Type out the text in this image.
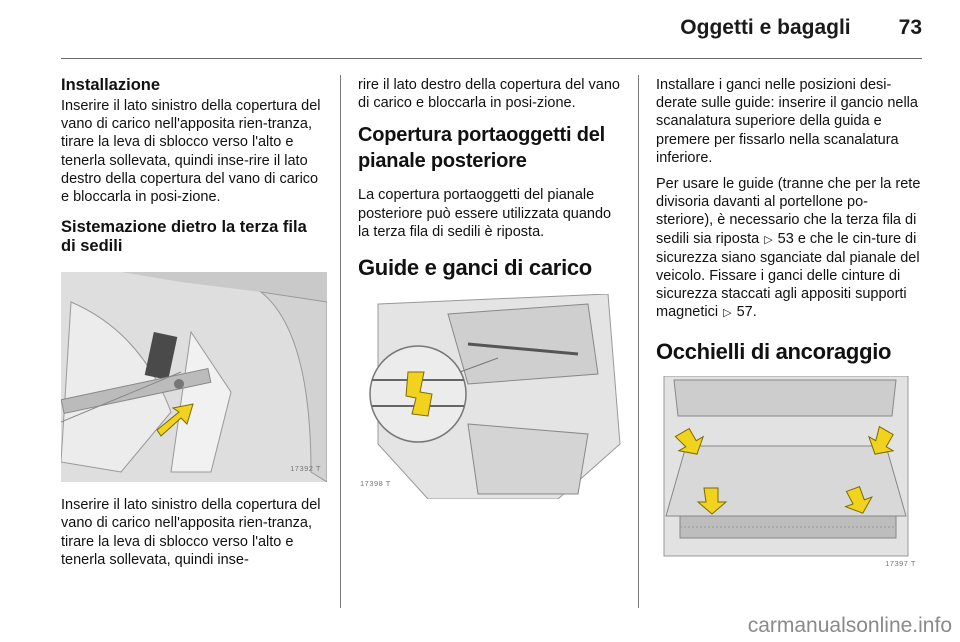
Oggetti e bagagli 73
Installazione

Inserire il lato sinistro della copertura del vano di carico nell'apposita rien-tranza, tirare la leva di sblocco verso l'alto e tenerla sollevata, quindi inse-rire il lato destro della copertura del vano di carico e bloccarla in posi-zione.

Sistemazione dietro la terza fila di sedili
17392 T

Inserire il lato sinistro della copertura del vano di carico nell'apposita rien-tranza, tirare la leva di sblocco verso l'alto e tenerla sollevata, quindi inse-

rire il lato destro della copertura del vano di carico e bloccarla in posi-zione.

Copertura portaoggetti del pianale posteriore

La copertura portaoggetti del pianale posteriore può essere utilizzata quando la terza fila di sedili è riposta.

Guide e ganci di carico
17398 T

Installare i ganci nelle posizioni desi-derate sulle guide: inserire il gancio nella scanalatura superiore della guida e premere per fissarlo nella scanalatura inferiore.

Per usare le guide (tranne che per la rete divisoria davanti al portellone po-steriore), è necessario che la terza fila di sedili sia riposta ▷ 53 e che le cin-ture di sicurezza siano sganciate dal pianale del veicolo. Fissare i ganci delle cinture di sicurezza staccati agli appositi supporti magnetici ▷ 57.

Occhielli di ancoraggio
17397 T
carmanualsonline.info
